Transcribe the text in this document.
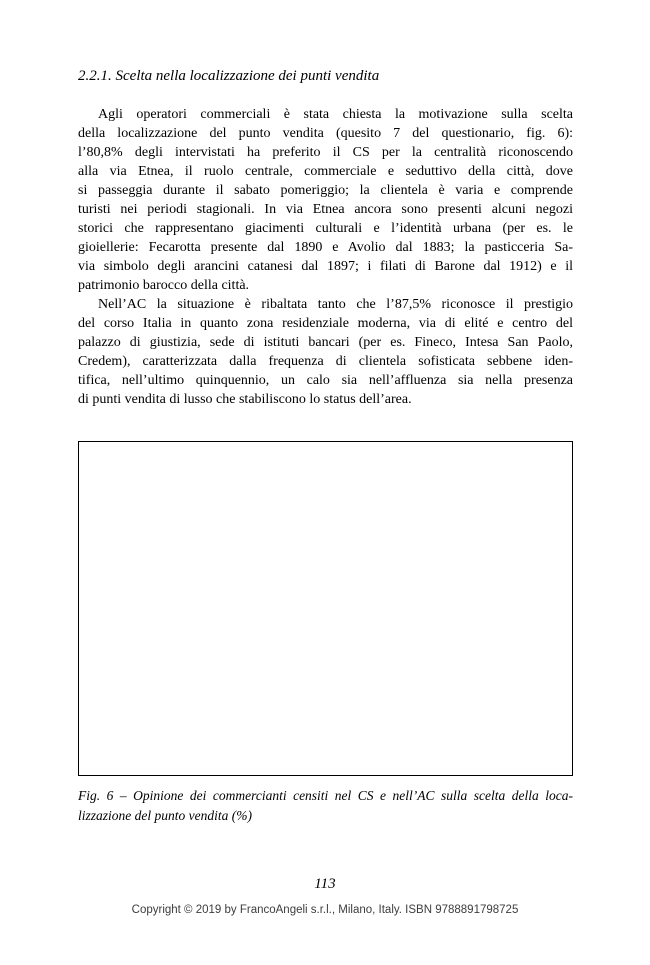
2.2.1. Scelta nella localizzazione dei punti vendita
Agli operatori commerciali è stata chiesta la motivazione sulla scelta
della localizzazione del punto vendita (quesito 7 del questionario, fig. 6):
l’80,8% degli intervistati ha preferito il CS per la centralità riconoscendo
alla via Etnea, il ruolo centrale, commerciale e seduttivo della città, dove
si passeggia durante il sabato pomeriggio; la clientela è varia e comprende
turisti nei periodi stagionali. In via Etnea ancora sono presenti alcuni negozi
storici che rappresentano giacimenti culturali e l’identità urbana (per es. le
gioiellerie: Fecarotta presente dal 1890 e Avolio dal 1883; la pasticceria Sa-
via simbolo degli arancini catanesi dal 1897; i filati di Barone dal 1912) e il
patrimonio barocco della città.
Nell’AC la situazione è ribaltata tanto che l’87,5% riconosce il prestigio
del corso Italia in quanto zona residenziale moderna, via di elité e centro del
palazzo di giustizia, sede di istituti bancari (per es. Fineco, Intesa San Paolo,
Credem), caratterizzata dalla frequenza di clientela sofisticata sebbene iden-
tifica, nell’ultimo quinquennio, un calo sia nell’affluenza sia nella presenza
di punti vendita di lusso che stabiliscono lo status dell’area.
Fig. 6 – Opinione dei commercianti censiti nel CS e nell’AC sulla scelta della loca-
lizzazione del punto vendita (%)
113
Copyright © 2019 by FrancoAngeli s.r.l., Milano, Italy. ISBN 9788891798725
